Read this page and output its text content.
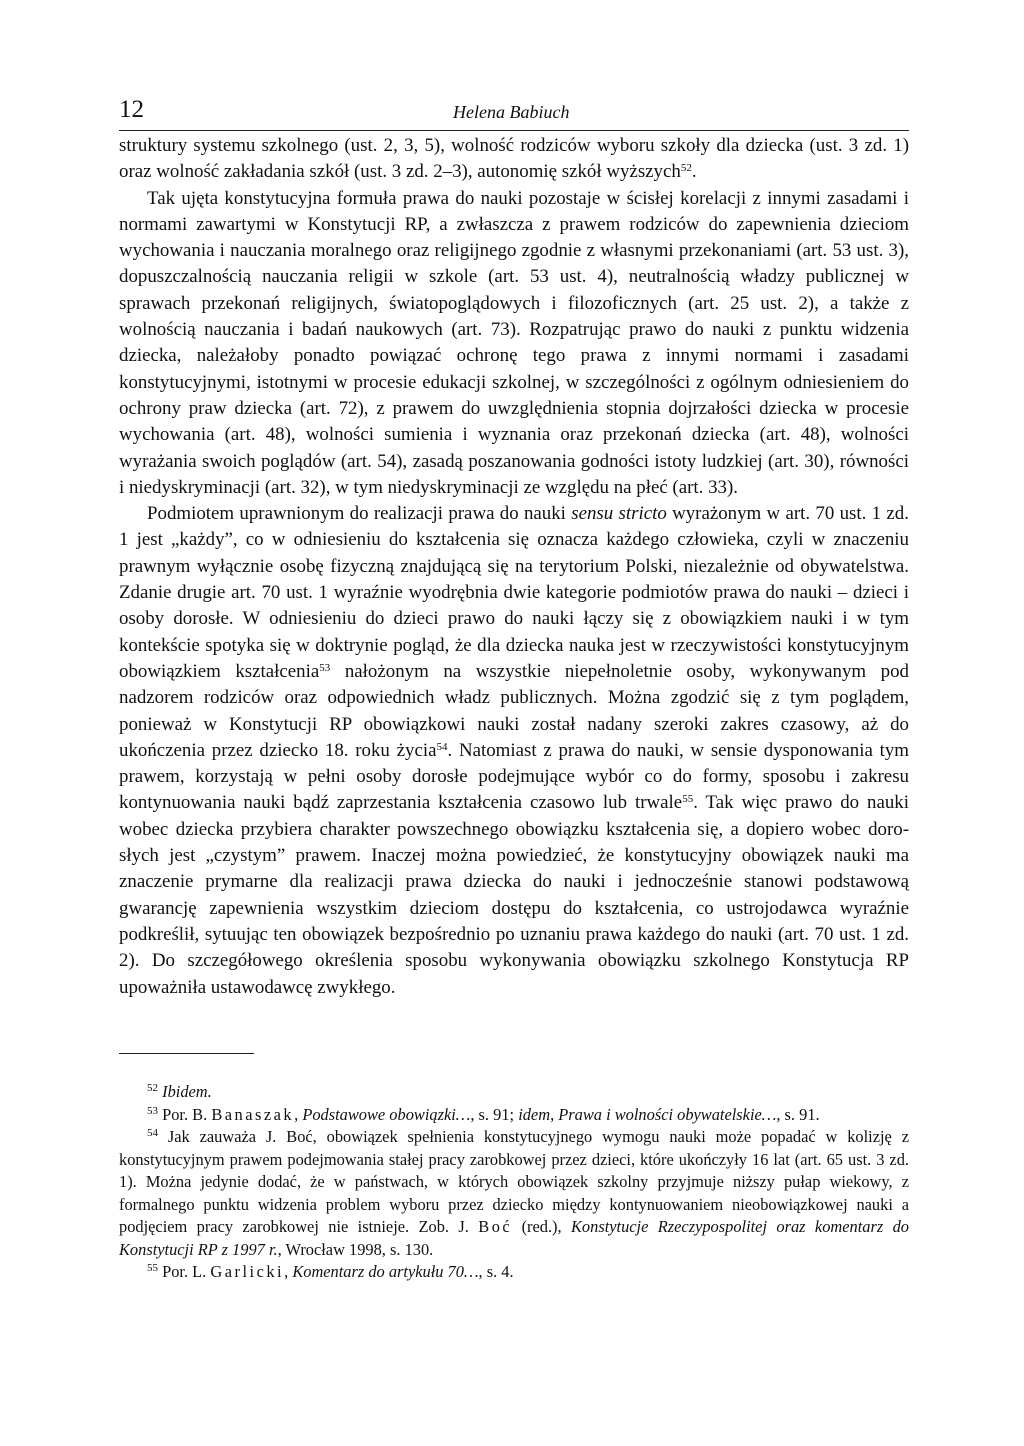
12	Helena Babiuch

struktury systemu szkolnego (ust. 2, 3, 5), wolność rodziców wyboru szkoły dla dziecka (ust. 3 zd. 1) oraz wolność zakładania szkół (ust. 3 zd. 2–3), autonomię szkół wyższych$^{52}$.

Tak ujęta konstytucyjna formuła prawa do nauki pozostaje w ścisłej korelacji z innymi zasadami i normami zawartymi w Konstytucji RP, a zwłaszcza z prawem rodziców do zapewnienia dzieciom wychowania i nauczania moralnego oraz religijnego zgodnie z własnymi przekonaniami (art. 53 ust. 3), dopuszczalnością nauczania religii w szkole (art. 53 ust. 4), neutralnością władzy publicznej w sprawach przekonań religijnych, światopoglądowych i filozoficznych (art. 25 ust. 2), a także z wolnością nauczania i badań naukowych (art. 73). Rozpatrując prawo do nauki z punktu widzenia dziecka, należałoby ponadto powiązać ochronę tego prawa z innymi normami i zasadami konstytucyjnymi, istotnymi w procesie edukacji szkolnej, w szczególności z ogólnym odniesieniem do ochrony praw dziecka (art. 72), z prawem do uwzględnienia stopnia dojrzałości dziecka w procesie wychowania (art. 48), wolności sumienia i wyznania oraz przekonań dziecka (art. 48), wolności wyrażania swoich poglądów (art. 54), zasadą poszanowania godności istoty ludzkiej (art. 30), równości i niedyskryminacji (art. 32), w tym niedyskryminacji ze względu na płeć (art. 33).

Podmiotem uprawnionym do realizacji prawa do nauki sensu stricto wyrażonym w art. 70 ust. 1 zd. 1 jest „każdy”, co w odniesieniu do kształcenia się oznacza każdego człowieka, czyli w znaczeniu prawnym wyłącznie osobę fizyczną znajdującą się na terytorium Polski, niezależnie od obywatelstwa. Zdanie drugie art. 70 ust. 1 wyraźnie wyodrębnia dwie kategorie podmiotów prawa do nauki – dzieci i osoby dorosłe. W odniesieniu do dzieci prawo do nauki łączy się z obowiązkiem nauki i w tym kontekście spotyka się w doktrynie pogląd, że dla dziecka nauka jest w rzeczywistości konstytucyjnym obowiązkiem kształcenia$^{53}$ nałożonym na wszystkie niepełnoletnie osoby, wykonywanym pod nadzorem rodziców oraz odpowiednich władz publicznych. Można zgodzić się z tym poglądem, ponieważ w Konstytucji RP obowiązkowi nauki został nadany szeroki zakres czasowy, aż do ukończenia przez dziecko 18. roku życia$^{54}$. Natomiast z prawa do nauki, w sensie dysponowania tym prawem, korzystają w pełni osoby dorosłe podejmujące wybór co do formy, sposobu i zakresu kontynuowania nauki bądź zaprzestania kształcenia czasowo lub trwale$^{55}$. Tak więc prawo do nauki wobec dziecka przybiera charakter powszechnego obowiązku kształcenia się, a dopiero wobec dorosłych jest „czystym” prawem. Inaczej można powiedzieć, że konstytucyjny obowiązek nauki ma znaczenie prymarne dla realizacji prawa dziecka do nauki i jednocześnie stanowi podstawową gwarancję zapewnienia wszystkim dzieciom dostępu do kształcenia, co ustrojodawca wyraźnie podkreślił, sytuując ten obowiązek bezpośrednio po uznaniu prawa każdego do nauki (art. 70 ust. 1 zd. 2). Do szczegółowego określenia sposobu wykonywania obowiązku szkolnego Konstytucja RP upoważniła ustawodawcę zwykłego.

$^{52}$ Ibidem.

$^{53}$ Por. B. Banaszak, Podstawowe obowiązki…, s. 91; idem, Prawa i wolności obywatelskie…, s. 91.

$^{54}$ Jak zauważa J. Boć, obowiązek spełnienia konstytucyjnego wymogu nauki może popadać w kolizję z konstytucyjnym prawem podejmowania stałej pracy zarobkowej przez dzieci, które ukończyły 16 lat (art. 65 ust. 3 zd. 1). Można jedynie dodać, że w państwach, w których obowiązek szkolny przyjmuje niższy pułap wiekowy, z formalnego punktu widzenia problem wyboru przez dziecko między kontynuowaniem nieobowiązkowej nauki a podjęciem pracy zarobkowej nie istnieje. Zob. J. Boć (red.), Konstytucje Rzeczypospolitej oraz komentarz do Konstytucji RP z 1997 r., Wrocław 1998, s. 130.

$^{55}$ Por. L. Garlicki, Komentarz do artykułu 70…, s. 4.
